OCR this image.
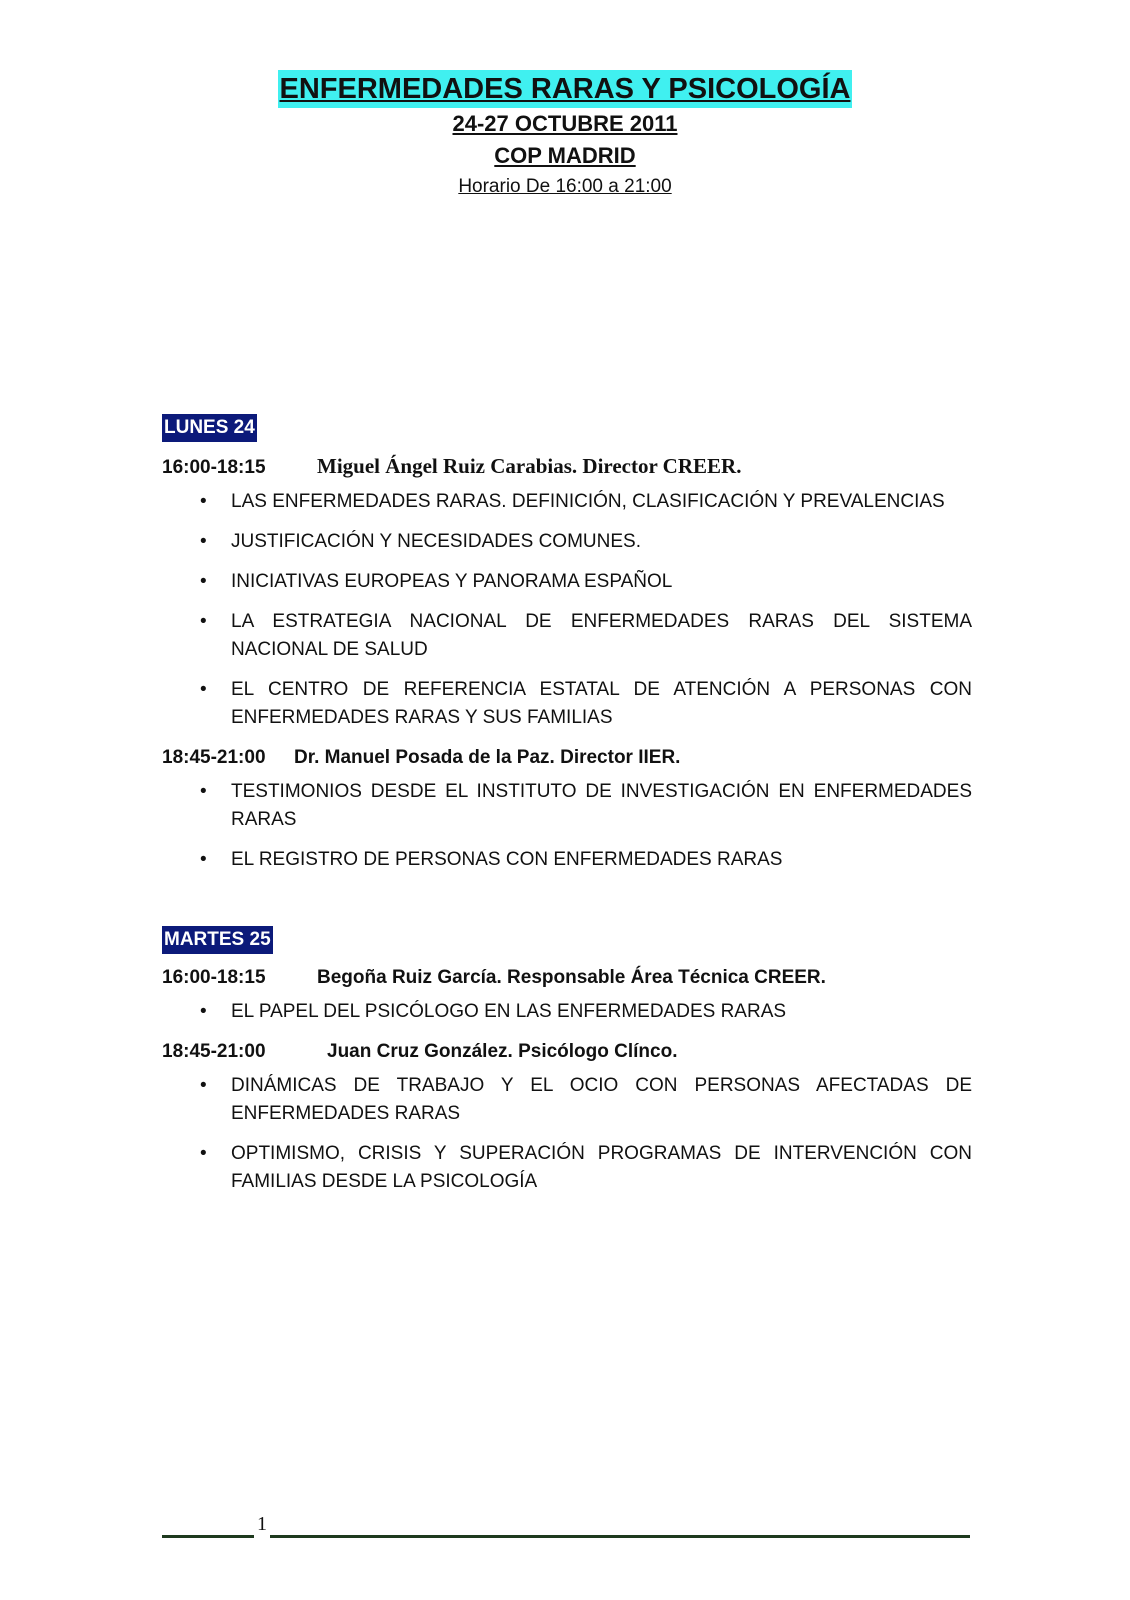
ENFERMEDADES RARAS Y PSICOLOGÍA
24-27 OCTUBRE 2011
COP MADRID
Horario De 16:00 a 21:00
LUNES 24
16:00-18:15 Miguel Ángel Ruiz Carabias. Director CREER.
• LAS ENFERMEDADES RARAS. DEFINICIÓN, CLASIFICACIÓN Y PREVALENCIAS
• JUSTIFICACIÓN Y NECESIDADES COMUNES.
• INICIATIVAS EUROPEAS Y PANORAMA ESPAÑOL
• LA ESTRATEGIA NACIONAL DE ENFERMEDADES RARAS DEL SISTEMA NACIONAL DE SALUD
• EL CENTRO DE REFERENCIA ESTATAL DE ATENCIÓN A PERSONAS CON ENFERMEDADES RARAS Y SUS FAMILIAS
18:45-21:00 Dr. Manuel Posada de la Paz. Director IIER.
• TESTIMONIOS DESDE EL INSTITUTO DE INVESTIGACIÓN EN ENFERMEDADES RARAS
• EL REGISTRO DE PERSONAS CON ENFERMEDADES RARAS
MARTES 25
16:00-18:15	Begoña Ruiz García. Responsable Área Técnica CREER.
• EL PAPEL DEL PSICÓLOGO EN LAS ENFERMEDADES RARAS
18:45-21:00	Juan Cruz González. Psicólogo Clínco.
• DINÁMICAS DE TRABAJO Y EL OCIO CON PERSONAS AFECTADAS DE ENFERMEDADES RARAS
• OPTIMISMO, CRISIS Y SUPERACIÓN PROGRAMAS DE INTERVENCIÓN CON FAMILIAS DESDE LA PSICOLOGÍA
1
